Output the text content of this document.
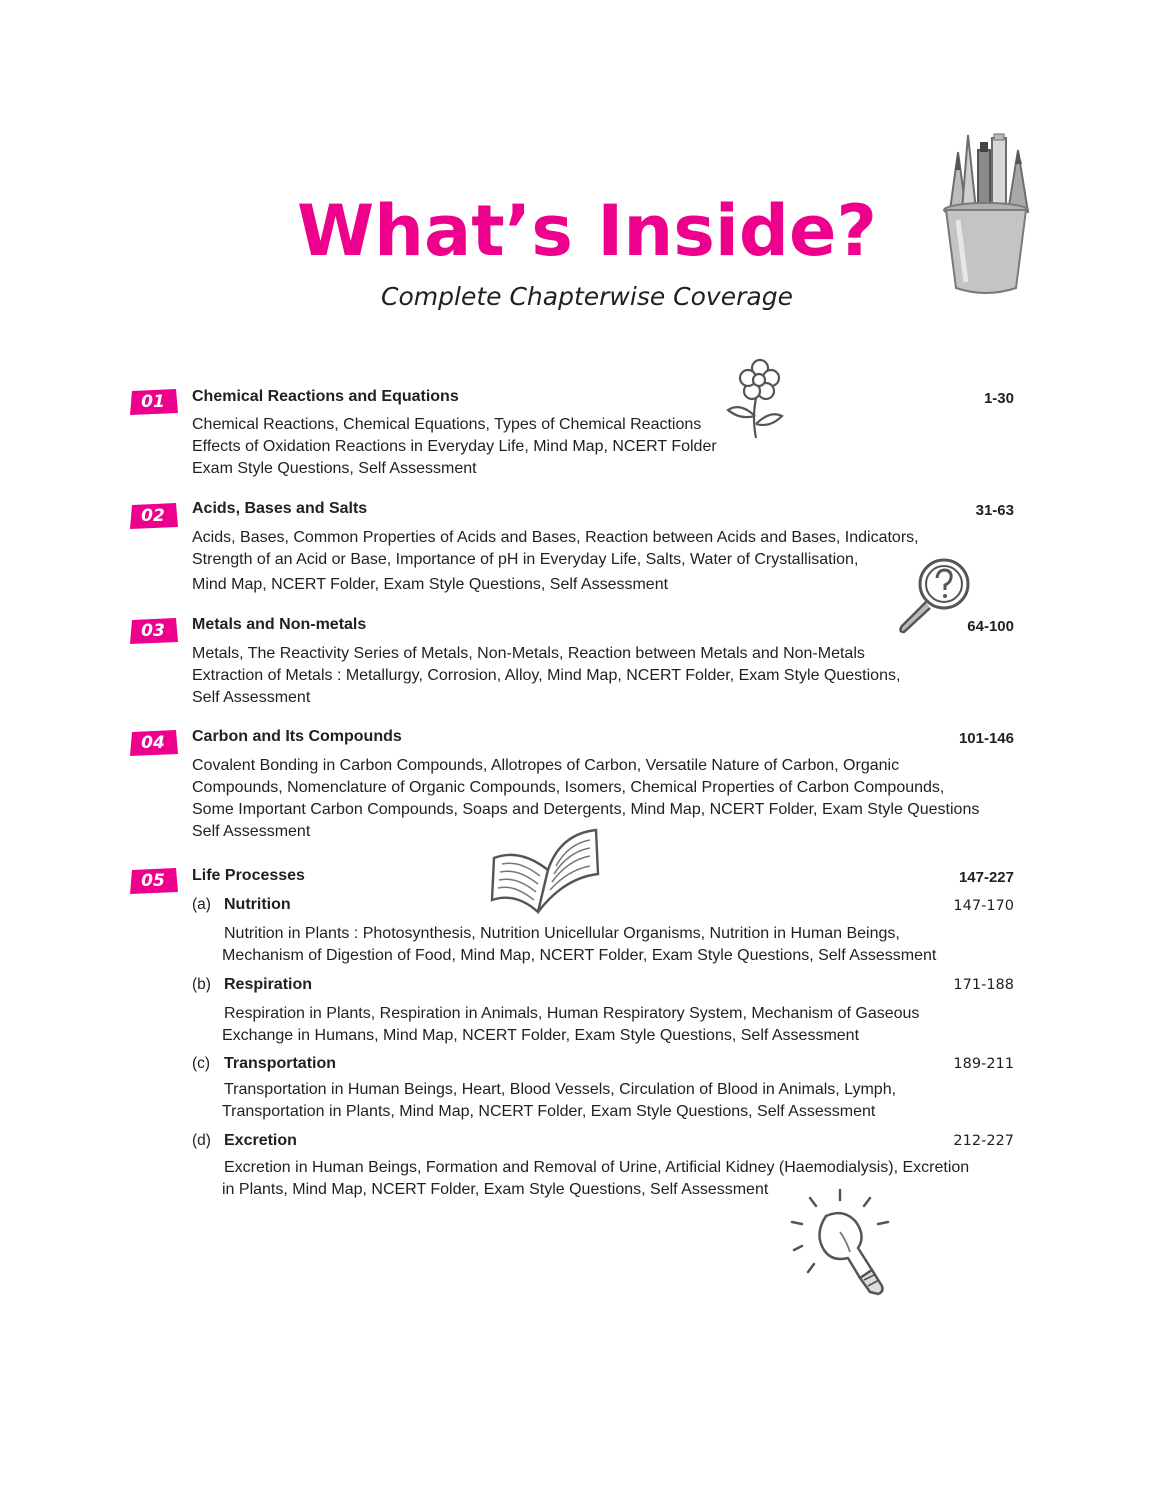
What’s Inside?
Complete Chapterwise Coverage
01	Chemical Reactions and Equations	1-30
Chemical Reactions, Chemical Equations, Types of Chemical Reactions
Effects of Oxidation Reactions in Everyday Life, Mind Map, NCERT Folder
Exam Style Questions, Self Assessment
02	Acids, Bases and Salts	31-63
Acids, Bases, Common Properties of Acids and Bases, Reaction between Acids and Bases, Indicators,
Strength of an Acid or Base, Importance of pH in Everyday Life, Salts, Water of Crystallisation,
Mind Map, NCERT Folder, Exam Style Questions, Self Assessment
03	Metals and Non-metals	64-100
Metals, The Reactivity Series of Metals, Non-Metals, Reaction between Metals and Non-Metals
Extraction of Metals : Metallurgy, Corrosion, Alloy, Mind Map, NCERT Folder, Exam Style Questions,
Self Assessment
04	Carbon and Its Compounds	101-146
Covalent Bonding in Carbon Compounds, Allotropes of Carbon, Versatile Nature of Carbon, Organic
Compounds, Nomenclature of Organic Compounds, Isomers, Chemical Properties of Carbon Compounds,
Some Important Carbon Compounds, Soaps and Detergents, Mind Map, NCERT Folder, Exam Style Questions
Self Assessment
05	Life Processes	147-227
(a) Nutrition	147-170
Nutrition in Plants : Photosynthesis, Nutrition Unicellular Organisms, Nutrition in Human Beings,
Mechanism of Digestion of Food, Mind Map, NCERT Folder, Exam Style Questions, Self Assessment
(b) Respiration	171-188
Respiration in Plants, Respiration in Animals, Human Respiratory System, Mechanism of Gaseous
Exchange in Humans, Mind Map, NCERT Folder, Exam Style Questions, Self Assessment
(c) Transportation	189-211
Transportation in Human Beings, Heart, Blood Vessels, Circulation of Blood in Animals, Lymph,
Transportation in Plants, Mind Map, NCERT Folder, Exam Style Questions, Self Assessment
(d) Excretion	212-227
Excretion in Human Beings, Formation and Removal of Urine, Artificial Kidney (Haemodialysis), Excretion
in Plants, Mind Map, NCERT Folder, Exam Style Questions, Self Assessment
